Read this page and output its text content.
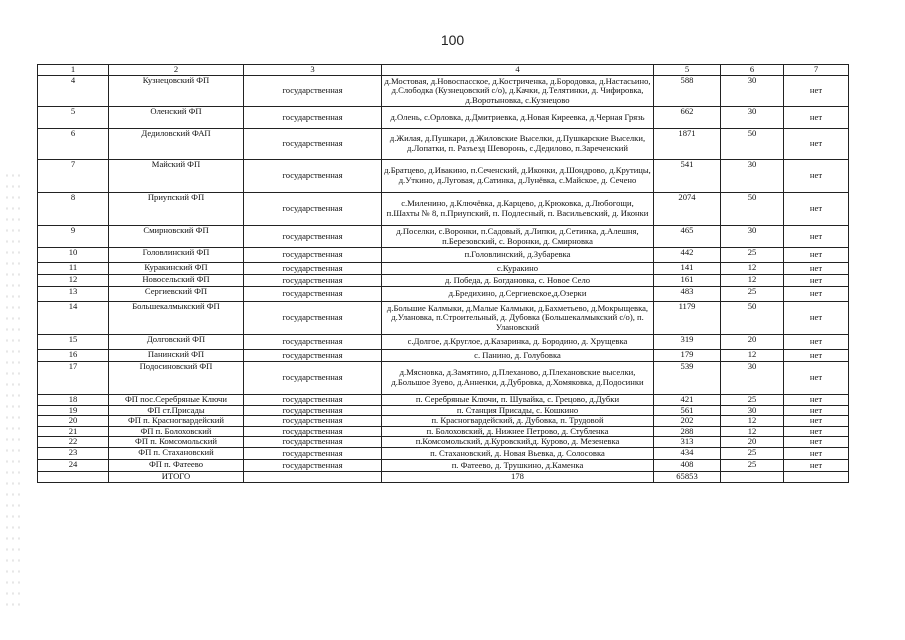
100
1	2	3	4	5	6	7
4	Кузнецовский ФП	государственная	д.Мостовая, д.Новоспасское, д.Костриченка, д.Бородовка, д.Настасьино, д.Слободка (Кузнецовский с/о), д.Качки, д.Телятинки, д. Чифировка, д.Воротыновка, с.Кузнецово	588	30	нет
5	Оленский ФП	государственная	д.Олень, с.Орловка, д.Дмитриевка, д.Новая Киреевка, д.Черная Грязь	662	30	нет
6	Дедиловский ФАП	государственная	д.Жилая, д.Пушкари, д.Жиловские Выселки, д.Пушкарские Выселки, д.Лопатки, п. Разъезд Шеворонь, с.Дедилово, п.Зареченский	1871	50	нет
7	Майский ФП	государственная	д.Братцево, д.Ивакино, п.Сеченский, д.Иконки, д.Шондрово, д.Крутицы, д.Уткино, д.Луговая, д.Сатинка, д.Лунёвка, с.Майское, д. Сечено	541	30	нет
8	Приупский ФП	государственная	с.Миленино, д.Ключёвка, д.Карцево, д.Крюковка, д.Любогощи, п.Шахты № 8, п.Приупский, п. Подлесный, п. Васильевский, д. Иконки	2074	50	нет
9	Смирновский ФП	государственная	д.Поселки, с.Воронки, п.Садовый, д.Липки, д.Сетинка, д.Алешня, п.Березовский, с. Воронки, д. Смирновка	465	30	нет
10	Головлинский ФП	государственная	п.Головлинский, д.Зубаревка	442	25	нет
11	Куракинский ФП	государственная	с.Куракино	141	12	нет
12	Новосельский ФП	государственная	д. Победа, д. Богдановка, с. Новое Село	161	12	нет
13	Сергиевский ФП	государственная	д.Бредихино, д.Сергиевское,д.Озерки	483	25	нет
14	Большекалмыкский ФП	государственная	д.Большие Калмыки, д.Малые Калмыки, д.Бахметьево, д.Мокрыщевка, д.Улановка, п.Строительный, д. Дубовка (Большекалмыкский с/о), п. Улановский	1179	50	нет
15	Долговский ФП	государственная	с.Долгое, д.Круглое, д.Казаринка, д. Бородино, д. Хрущевка	319	20	нет
16	Панинский ФП	государственная	с. Панино, д. Голубовка	179	12	нет
17	Подосиновский ФП	государственная	д.Мясновка, д.Замятино, д.Плеханово, д.Плехановские выселки, д.Большое Зуево, д.Анненки, д.Дубровка, д.Хомяковка, д.Подосинки	539	30	нет
18	ФП пос.Серебряные Ключи	государственная	п. Серебряные Ключи, п. Шувайка, с. Грецово, д.Дубки	421	25	нет
19	ФП ст.Присады	государственная	п. Станция Присады, с. Кошкино	561	30	нет
20	ФП п. Красногвардейский	государственная	п. Красногвардейский, д. Дубовка, п. Трудовой	202	12	нет
21	ФП п. Болоховский	государственная	п. Болоховский, д. Нижнее Петрово, д. Стубленка	288	12	нет
22	ФП п. Комсомольский	государственная	п.Комсомольский, д.Куровский,д. Курово, д. Мезеневка	313	20	нет
23	ФП п. Стахановский	государственная	п. Стахановский, д. Новая Вьевка, д. Солосовка	434	25	нет
24	ФП п. Фатеево	государственная	п. Фатеево, д. Трушкино, д.Каменка	408	25	нет
	ИТОГО		178	65853		
